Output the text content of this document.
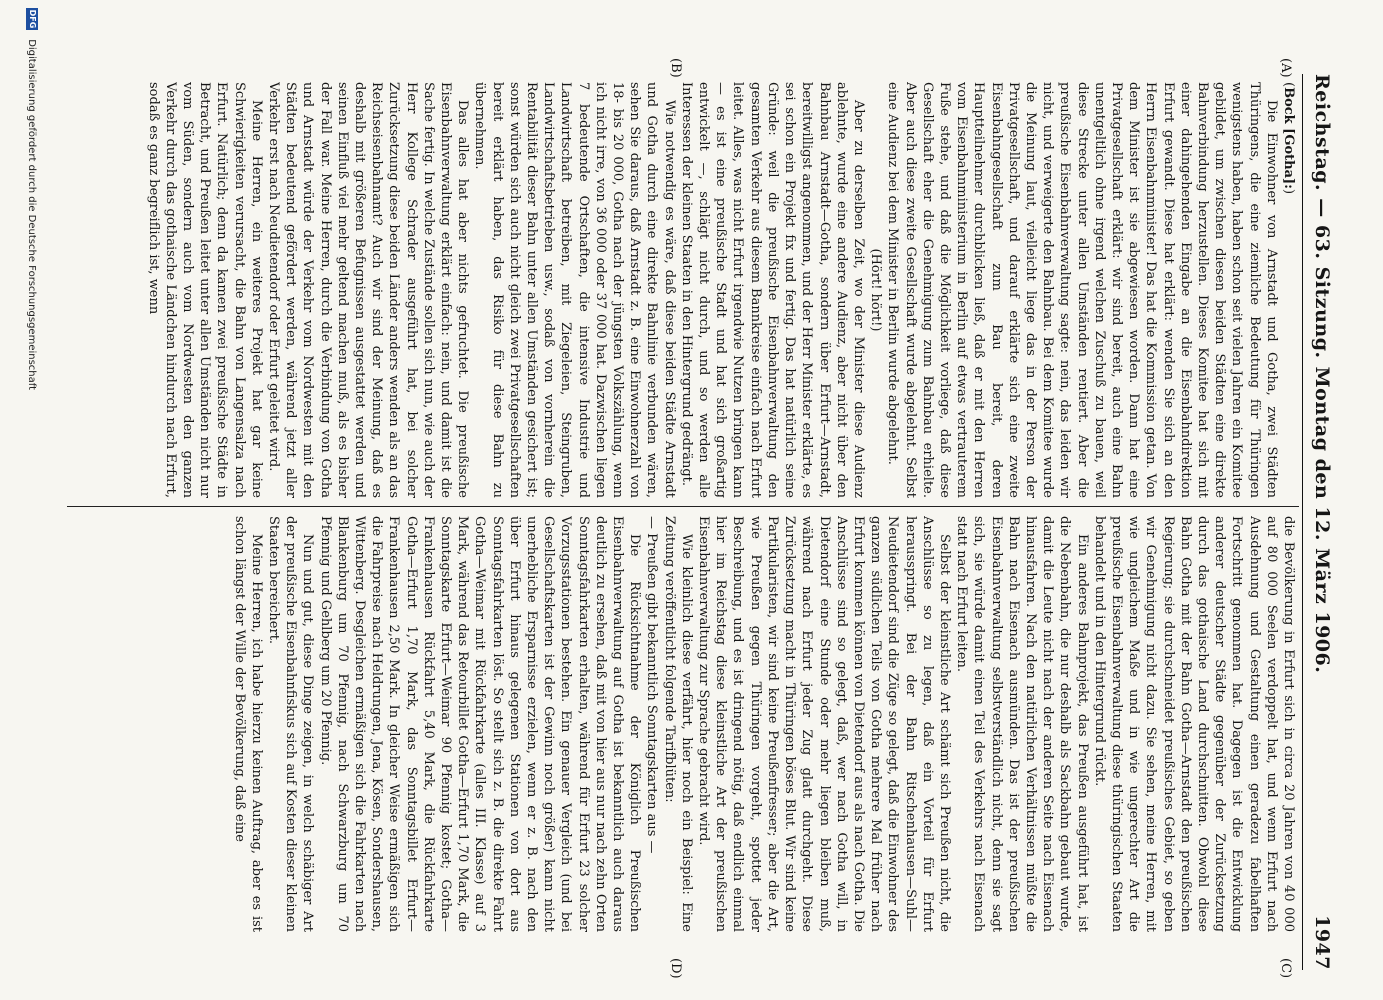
Reichstag. — 63. Sitzung.
Montag den 12. März 1906.
1947
(A)
(B)
(C)
(D)

(Bock [Gotha]:)

Die Einwohner von Arnstadt und Gotha, zwei Städten Thüringens, die eine ziemliche Bedeutung für Thüringen wenigstens haben, haben schon seit vielen Jahren ein Komitee gebildet, um zwischen diesen beiden Städten eine direkte Bahnverbindung herzustellen. Dieses Komitee hat sich mit einer dahingehenden Eingabe an die Eisenbahndirektion Erfurt gewandt. Diese hat erklärt: wenden Sie sich an den Herrn Eisenbahnminister! Das hat die Kommission getan. Von dem Minister ist sie abgewiesen worden. Dann hat eine Privatgesellschaft erklärt: wir sind bereit, auch eine Bahn unentgeltlich ohne irgend welchen Zuschuß zu bauen, weil diese Strecke unter allen Umständen rentiert. Aber die preußische Eisenbahnverwaltung sagte: nein, das leiden wir nicht, und verweigerte den Bahnbau. Bei dem Komitee wurde die Meinung laut, vielleicht liege das in der Person der Privatgesellschaft, und darauf erklärte sich eine zweite Eisenbahngesellschaft zum Bau bereit, deren Hauptteilnehmer durchblicken ließ, daß er mit den Herren vom Eisenbahnministerium in Berlin auf etwas vertrauterem Fuße stehe, und daß die Möglichkeit vorliege, daß diese Gesellschaft eher die Genehmigung zum Bahnbau erhielte. Aber auch diese zweite Gesellschaft wurde abgelehnt. Selbst eine Audienz bei dem Minister in Berlin wurde abgelehnt.

(Hört! hört!)

Aber zu derselben Zeit, wo der Minister diese Audienz ablehnte, wurde eine andere Audienz, aber nicht über den Bahnbau Arnstadt—Gotha, sondern über Erfurt—Arnstadt, bereitwilligst angenommen, und der Herr Minister erklärte, es sei schon ein Projekt fix und fertig. Das hat natürlich seine Gründe: weil die preußische Eisenbahnverwaltung den gesamten Verkehr aus diesem Bannkreise einfach nach Erfurt leitet. Alles, was nicht Erfurt irgendwie Nutzen bringen kann — es ist eine preußische Stadt und hat sich großartig entwickelt —, schlägt nicht durch, und so werden alle Interessen der kleinen Staaten in den Hintergrund gedrängt.

Wie notwendig es wäre, daß diese beiden Städte Arnstadt und Gotha durch eine direkte Bahnlinie verbunden wären, sehen Sie daraus, daß Arnstadt z. B. eine Einwohnerzahl von 18- bis 20 000, Gotha nach der jüngsten Volkszählung, wenn ich nicht irre, von 36 000 oder 37 000 hat. Dazwischen liegen 7 bedeutende Ortschaften, die intensive Industrie und Landwirtschaft betreiben, mit Ziegeleien, Steingruben, Landwirtschaftsbetrieben usw., sodaß von vornherein die Rentabilität dieser Bahn unter allen Umständen gesichert ist; sonst würden sich auch nicht gleich zwei Privatgesellschaften bereit erklärt haben, das Risiko für diese Bahn zu übernehmen.

Das alles hat aber nichts gefruchtet. Die preußische Eisenbahnverwaltung erklärt einfach: nein, und damit ist die Sache fertig. In welche Zustände sollen sich nun, wie auch der Herr Kollege Schrader ausgeführt hat, bei solcher Zurücksetzung diese beiden Länder anders wenden als an das Reichseisenbahnamt? Auch wir sind der Meinung, daß es deshalb mit größeren Befugnissen ausgestattet werden und seinen Einfluß viel mehr geltend machen muß, als es bisher der Fall war. Meine Herren, durch die Verbindung von Gotha und Arnstadt würde der Verkehr vom Nordwesten mit den Städten bedeutend gefördert werden, während jetzt aller Verkehr erst nach Neudietendorf oder Erfurt geleitet wird.

Meine Herren, ein weiteres Projekt hat gar keine Schwierigkeiten verursacht, die Bahn von Langensalza nach Erfurt. Natürlich; denn da kamen zwei preußische Städte in Betracht, und Preußen leitet unter allen Umständen nicht nur vom Süden, sondern auch vom Nordwesten den ganzen Verkehr durch das gothaische Ländchen hindurch nach Erfurt, sodaß es ganz begreiflich ist, wenn

die Bevölkerung in Erfurt sich in circa 20 Jahren von 40 000 auf 80 000 Seelen verdoppelt hat, und wenn Erfurt nach Ausdehnung und Gestaltung einen geradezu fabelhaften Fortschritt genommen hat. Dagegen ist die Entwicklung anderer deutscher Städte gegenüber der Zurücksetzung durch das gothaische Land durchschnitten. Obwohl diese Bahn Gotha mit der Bahn Gotha—Arnstadt den preußischen Regierung; sie durchschneidet preußisches Gebiet, so geben wir Genehmigung nicht dazu. Sie sehen, meine Herren, mit wie ungleichem Maße und in wie ungerechter Art die preußische Eisenbahnverwaltung diese thüringischen Staaten behandelt und in den Hintergrund rückt.

Ein anderes Bahnprojekt, das Preußen ausgeführt hat, ist die Nebenbahn, die nur deshalb als Sackbahn gebaut wurde, damit die Leute nicht nach der anderen Seite nach Eisenach hinausfahren. Nach den natürlichen Verhältnissen müßte die Bahn nach Eisenach ausmünden. Das ist der preußischen Eisenbahnverwaltung selbstverständlich nicht, denn sie sagt sich, sie würde damit einen Teil des Verkehrs nach Eisenach statt nach Erfurt leiten.

Selbst der kleinstliche Art schämt sich Preußen nicht, die Anschlüsse so zu legen, daß ein Vorteil für Erfurt herausspringt. Bei der Bahn Ritschenhausen—Suhl—Neudietendorf sind die Züge so gelegt, daß die Einwohner des ganzen südlichen Teils von Gotha mehrere Mal früher nach Erfurt kommen können von Dietendorf aus als nach Gotha. Die Anschlüsse sind so gelegt, daß, wer nach Gotha will, in Dietendorf eine Stunde oder mehr liegen bleiben muß, während nach Erfurt jeder Zug glatt durchgeht. Diese Zurücksetzung macht in Thüringen böses Blut. Wir sind keine Partikularisten, wir sind keine Preußenfresser; aber die Art, wie Preußen gegen Thüringen vorgeht, spottet jeder Beschreibung, und es ist dringend nötig, daß endlich einmal hier im Reichstag diese kleinstliche Art der preußischen Eisenbahnverwaltung zur Sprache gebracht wird.

Wie kleinlich diese verfährt, hier noch ein Beispiel: Eine Zeitung veröffentlicht folgende Tarifblüten:

— Preußen gibt bekanntlich Sonntagskarten aus —

Die Rücksichtnahme der Königlich Preußischen Eisenbahnverwaltung auf Gotha ist bekanntlich auch daraus deutlich zu ersehen, daß mit von hier aus nur nach zehn Orten Sonntagsfahrkarten erhalten, während für Erfurt 23 solcher Vorzugsstationen bestehen. Ein genauer Vergleich (und bei Gesellschaftskarten ist der Gewinn noch größer) kann nicht unerhebliche Ersparnisse erzielen, wenn er z. B. nach den über Erfurt hinaus gelegenen Stationen von dort aus Sonntagsfahrkarten löst. So stellt sich z. B. die direkte Fahrt Gotha—Weimar mit Rückfahrkarte (alles III. Klasse) auf 3 Mark, während das Retourbillet Gotha—Erfurt 1,70 Mark, die Sonntagskarte Erfurt—Weimar 90 Pfennig kostet; Gotha—Frankenhausen Rückfahrt 5,40 Mark, die Rückfahrkarte Gotha—Erfurt 1,70 Mark, das Sonntagsbillet Erfurt—Frankenhausen 2,50 Mark. In gleicher Weise ermäßigen sich die Fahrpreise nach Heldrungen, Jena, Kösen, Sondershausen, Wittenberg. Desgleichen ermäßigen sich die Fahrkarten nach Blankenburg um 70 Pfennig, nach Schwarzburg um 70 Pfennig und Gehlberg um 20 Pfennig.

Nun und gut, diese Dinge zeigen, in welch schäbiger Art der preußische Eisenbahnfiskus sich auf Kosten dieser kleinen Staaten bereichert.

Meine Herren, ich habe hierzu keinen Auftrag, aber es ist schon längst der Wille der Bevölkerung, daß eine

DFG Digitalisierung gefördert durch die Deutsche Forschungsgemeinschaft
